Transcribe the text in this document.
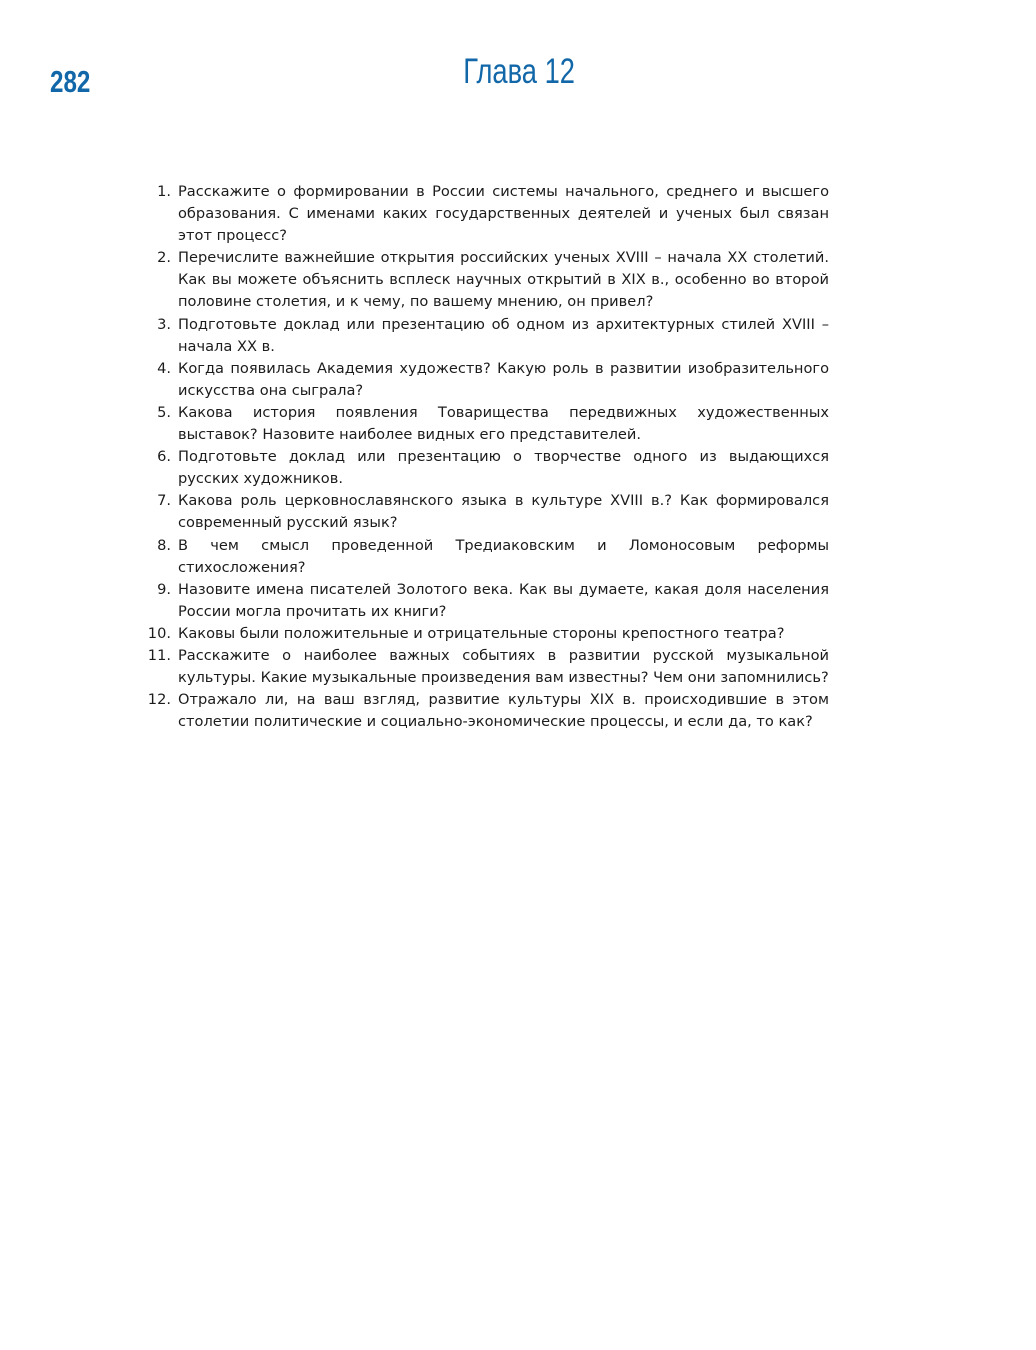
282	Глава 12
1. Расскажите о формировании в России системы начального, среднего и высшего образования. С именами каких государственных деятелей и ученых был связан этот процесс?
2. Перечислите важнейшие открытия российских ученых XVIII – начала XX столетий. Как вы можете объяснить всплеск научных открытий в XIX в., особенно во второй половине столетия, и к чему, по вашему мнению, он привел?
3. Подготовьте доклад или презентацию об одном из архитектурных стилей XVIII – начала XX в.
4. Когда появилась Академия художеств? Какую роль в развитии изобразительного искусства она сыграла?
5. Какова история появления Товарищества передвижных художественных выставок? Назовите наиболее видных его представителей.
6. Подготовьте доклад или презентацию о творчестве одного из выдающихся русских художников.
7. Какова роль церковнославянского языка в культуре XVIII в.? Как формировался современный русский язык?
8. В чем смысл проведенной Тредиаковским и Ломоносовым реформы стихосложения?
9. Назовите имена писателей Золотого века. Как вы думаете, какая доля населения России могла прочитать их книги?
10. Каковы были положительные и отрицательные стороны крепостного театра?
11. Расскажите о наиболее важных событиях в развитии русской музыкальной культуры. Какие музыкальные произведения вам известны? Чем они запомнились?
12. Отражало ли, на ваш взгляд, развитие культуры XIX в. происходившие в этом столетии политические и социально-экономические процессы, и если да, то как?
